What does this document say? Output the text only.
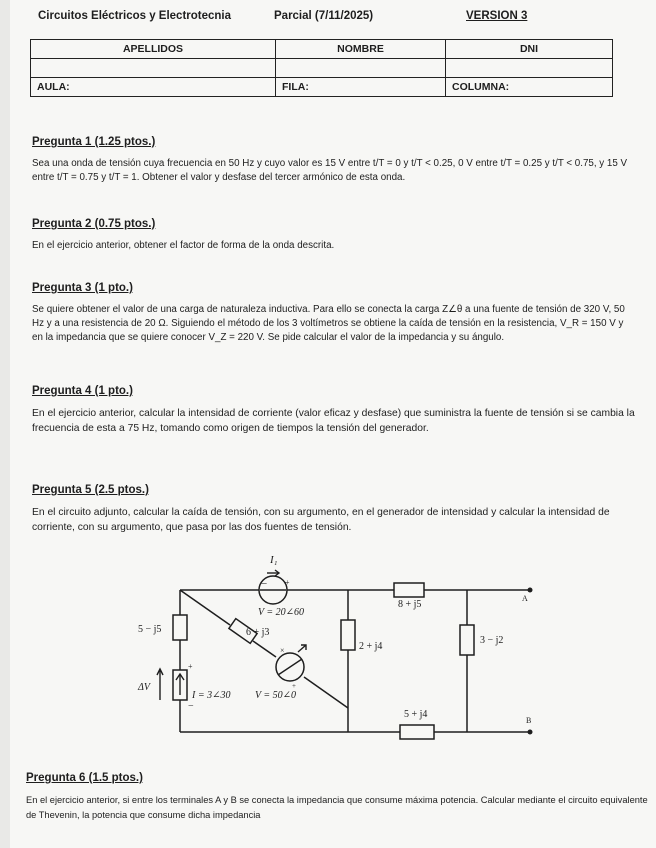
Circuitos Eléctricos y Electrotecnia	Parcial (7/11/2025)	VERSION 3
APELLIDOS	NOMBRE	DNI

AULA:	FILA:	COLUMNA:
Pregunta 1 (1.25 ptos.)

Sea una onda de tensión cuya frecuencia en 50 Hz y cuyo valor es 15 V entre t/T = 0 y t/T < 0.25, 0 V entre t/T = 0.25 y t/T < 0.75, y 15 V entre t/T = 0.75 y t/T = 1. Obtener el valor y desfase del tercer armónico de esta onda.

Pregunta 2 (0.75 ptos.)

En el ejercicio anterior, obtener el factor de forma de la onda descrita.

Pregunta 3 (1 pto.)

Se quiere obtener el valor de una carga de naturaleza inductiva. Para ello se conecta la carga Z∠θ a una fuente de tensión de 320 V, 50 Hz y a una resistencia de 20 Ω. Siguiendo el método de los 3 voltímetros se obtiene la caída de tensión en la resistencia, V_R = 150 V y en la impedancia que se quiere conocer V_Z = 220 V. Se pide calcular el valor de la impedancia y su ángulo.

Pregunta 4 (1 pto.)

En el ejercicio anterior, calcular la intensidad de corriente (valor eficaz y desfase) que suministra la fuente de tensión si se cambia la frecuencia de esta a 75 Hz, tomando como origen de tiempos la tensión del generador.

Pregunta 5 (2.5 ptos.)

En el circuito adjunto, calcular la caída de tensión, con su argumento, en el generador de intensidad y calcular la intensidad de corriente, con su argumento, que pasa por las dos fuentes de tensión.

I₁
− +
V = 20∠60
8 + j5
A
6 + j3
5 − j5
2 + j4
3 − j2
+
−
×
+
ΔV
I = 3∠30 V = 50∠0
5 + j4
B
Pregunta 6 (1.5 ptos.)

En el ejercicio anterior, si entre los terminales A y B se conecta la impedancia que consume máxima potencia. Calcular mediante el circuito equivalente de Thevenin, la potencia que consume dicha impedancia
